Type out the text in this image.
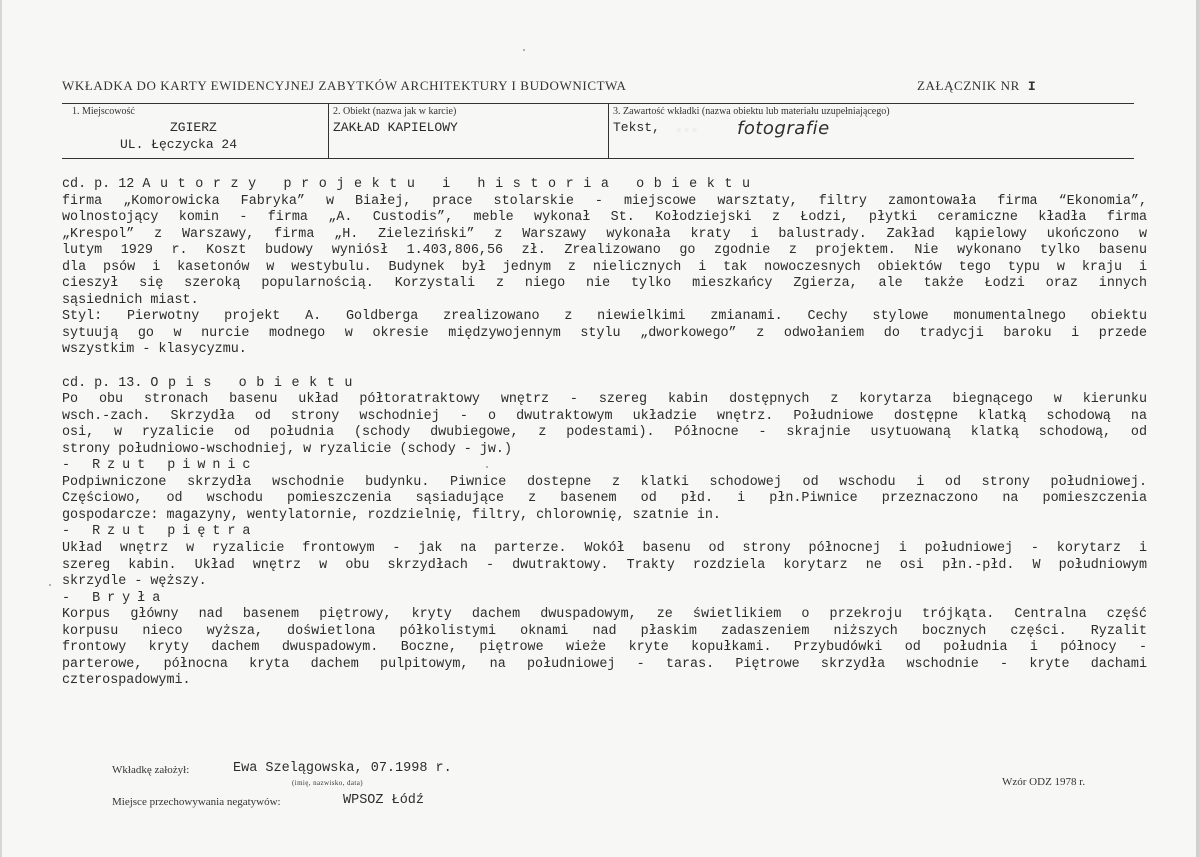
WKŁADKA DO KARTY EWIDENCYJNEJ ZABYTKÓW ARCHITEKTURY I BUDOWNICTWA	ZAŁĄCZNIK NR I
1. Miejscowość
ZGIERZ
UL. Łęczycka 24
2. Obiekt (nazwa jak w karcie)
ZAKŁAD KAPIELOWY
3. Zawartość wkładki (nazwa obiektu lub materiału uzupełniającego)
Tekst, ... fotografie

cd. p. 12 Autorzy projektu i historia obiektu

firma „Komorowicka Fabryka” w Białej, prace stolarskie - miejscowe warsztaty, filtry zamontowała firma “Ekonomia”,

wolnostojący komin - firma „A. Custodis”, meble wykonał St. Kołodziejski z Łodzi, płytki ceramiczne kładła firma

„Krespol” z Warszawy, firma „H. Zieleziński” z Warszawy wykonała kraty i balustrady. Zakład kąpielowy ukończono w

lutym 1929 r. Koszt budowy wyniósł 1.403,806,56 zł. Zrealizowano go zgodnie z projektem. Nie wykonano tylko basenu

dla psów i kasetonów w westybulu. Budynek był jednym z nielicznych i tak nowoczesnych obiektów tego typu w kraju i

cieszył się szeroką popularnością. Korzystali z niego nie tylko mieszkańcy Zgierza, ale także Łodzi oraz innych

sąsiednich miast.

Styl: Pierwotny projekt A. Goldberga zrealizowano z niewielkimi zmianami. Cechy stylowe monumentalnego obiektu

sytuują go w nurcie modnego w okresie międzywojennym stylu „dworkowego” z odwołaniem do tradycji baroku i przede

wszystkim - klasycyzmu.

cd. p. 13. Opis obiektu

Po obu stronach basenu układ półtoratraktowy wnętrz - szereg kabin dostępnych z korytarza biegnącego w kierunku

wsch.-zach. Skrzydła od strony wschodniej - o dwutraktowym układzie wnętrz. Południowe dostępne klatką schodową na

osi, w ryzalicie od południa (schody dwubiegowe, z podestami). Północne - skrajnie usytuowaną klatką schodową, od

strony południowo-wschodniej, w ryzalicie (schody - jw.)

- Rzut piwnic

Podpiwniczone skrzydła wschodnie budynku. Piwnice dostepne z klatki schodowej od wschodu i od strony południowej.

Częściowo, od wschodu pomieszczenia sąsiadujące z basenem od płd. i płn.Piwnice przeznaczono na pomieszczenia

gospodarcze: magazyny, wentylatornie, rozdzielnię, filtry, chlorownię, szatnie in.

- Rzut piętra

Układ wnętrz w ryzalicie frontowym - jak na parterze. Wokół basenu od strony północnej i południowej - korytarz i

szereg kabin. Układ wnętrz w obu skrzydłach - dwutraktowy. Trakty rozdziela korytarz ne osi płn.-płd. W południowym

skrzydle - węższy.

- Bryła

Korpus główny nad basenem piętrowy, kryty dachem dwuspadowym, ze świetlikiem o przekroju trójkąta. Centralna część

korpusu nieco wyższa, doświetlona półkolistymi oknami nad płaskim zadaszeniem niższych bocznych części. Ryzalit

frontowy kryty dachem dwuspadowym. Boczne, piętrowe wieże kryte kopułkami. Przybudówki od południa i północy -

parterowe, północna kryta dachem pulpitowym, na południowej - taras. Piętrowe skrzydła wschodnie - kryte dachami

czterospadowymi.

Wkładkę założył:	Ewa Szelągowska, 07.1998 r.
(imię, nazwisko, data)
Miejsce przechowywania negatywów:	WPSOZ Łódź
Wzór ODZ 1978 r.
